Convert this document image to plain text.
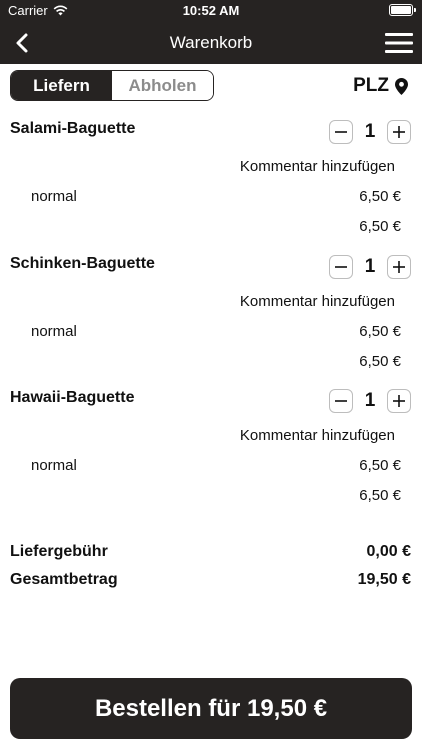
Carrier	10:52 AM
Warenkorb
Liefern	Abholen	PLZ
Salami-Baguette	1
Kommentar hinzufügen
normal	6,50 €
6,50 €
Schinken-Baguette	1
Kommentar hinzufügen
normal	6,50 €
6,50 €
Hawaii-Baguette	1
Kommentar hinzufügen
normal	6,50 €
6,50 €
Liefergebühr	0,00 €
Gesamtbetrag	19,50 €
Bestellen für 19,50 €
